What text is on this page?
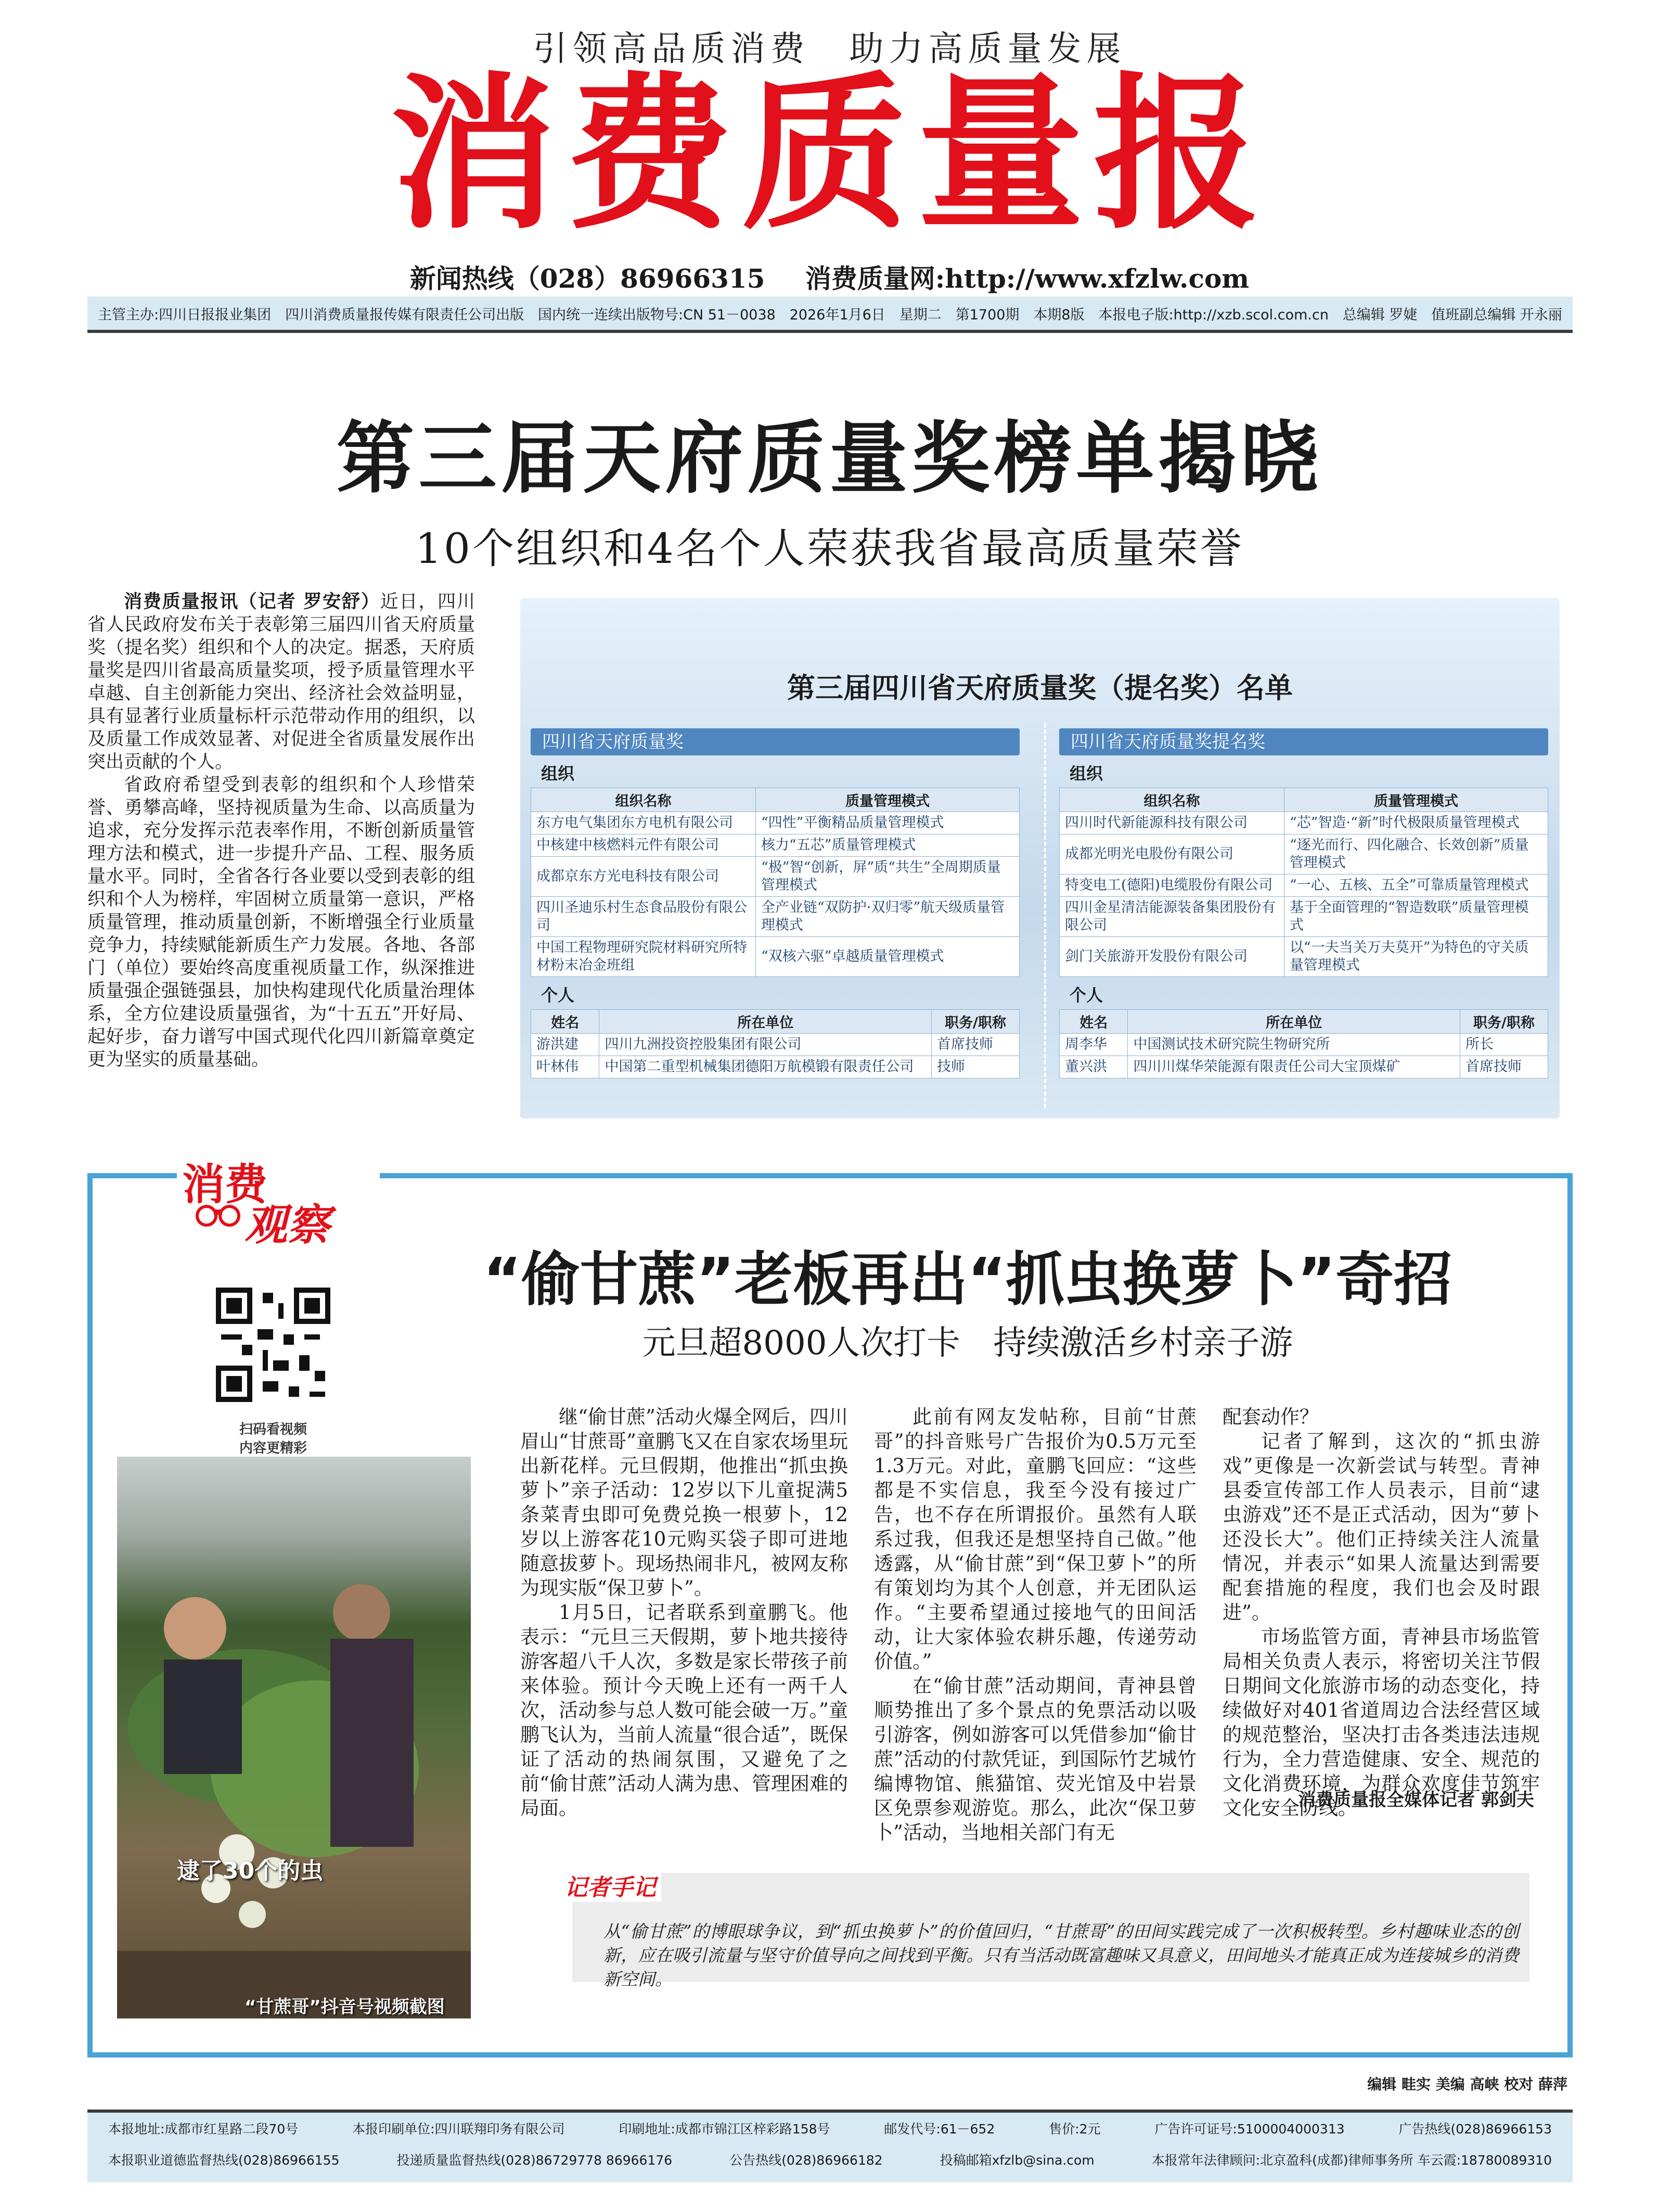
引领高品质消费　助力高质量发展
消费质量报
新闻热线（028）86966315 消费质量网:http://www.xfzlw.com
主管主办:四川日报报业集团　四川消费质量报传媒有限责任公司出版 国内统一连续出版物号:CN 51－0038 2026年1月6日　星期二 第1700期　本期8版 本报电子版:http://xzb.scol.com.cn 总编辑 罗婕 值班副总编辑 开永丽
第三届天府质量奖榜单揭晓
10个组织和4名个人荣获我省最高质量荣誉

消费质量报讯（记者 罗安舒）近日，四川省人民政府发布关于表彰第三届四川省天府质量奖（提名奖）组织和个人的决定。据悉，天府质量奖是四川省最高质量奖项，授予质量管理水平卓越、自主创新能力突出、经济社会效益明显，具有显著行业质量标杆示范带动作用的组织，以及质量工作成效显著、对促进全省质量发展作出突出贡献的个人。

省政府希望受到表彰的组织和个人珍惜荣誉、勇攀高峰，坚持视质量为生命、以高质量为追求，充分发挥示范表率作用，不断创新质量管理方法和模式，进一步提升产品、工程、服务质量水平。同时，全省各行各业要以受到表彰的组织和个人为榜样，牢固树立质量第一意识，严格质量管理，推动质量创新，不断增强全行业质量竞争力，持续赋能新质生产力发展。各地、各部门（单位）要始终高度重视质量工作，纵深推进质量强企强链强县，加快构建现代化质量治理体系，全方位建设质量强省，为“十五五”开好局、起好步，奋力谱写中国式现代化四川新篇章奠定更为坚实的质量基础。

第三届四川省天府质量奖（提名奖）名单
四川省天府质量奖
组织
组织名称	质量管理模式
东方电气集团东方电机有限公司	“四性”平衡精品质量管理模式
中核建中核燃料元件有限公司	核力“五芯”质量管理模式
成都京东方光电科技有限公司	“极”智“创新，屏”质“共生”全周期质量管理模式
四川圣迪乐村生态食品股份有限公司	全产业链“双防护·双归零”航天级质量管理模式
中国工程物理研究院材料研究所特材粉末冶金班组	“双核六驱”卓越质量管理模式
个人
姓名	所在单位	职务/职称
游洪建	四川九洲投资控股集团有限公司	首席技师
叶林伟	中国第二重型机械集团德阳万航模锻有限责任公司	技师
四川省天府质量奖提名奖
组织
组织名称	质量管理模式
四川时代新能源科技有限公司	“芯”智造·“新”时代极限质量管理模式
成都光明光电股份有限公司	“逐光而行、四化融合、长效创新”质量管理模式
特变电工(德阳)电缆股份有限公司	“一心、五核、五全”可靠质量管理模式
四川金星清洁能源装备集团股份有限公司	基于全面管理的“智造数联”质量管理模式
剑门关旅游开发股份有限公司	以“一夫当关万夫莫开”为特色的守关质量管理模式
个人
姓名	所在单位	职务/职称
周李华	中国测试技术研究院生物研究所	所长
董兴洪	四川川煤华荣能源有限责任公司大宝顶煤矿	首席技师
消费
观察
“偷甘蔗”老板再出“抓虫换萝卜”奇招
元旦超8000人次打卡　持续激活乡村亲子游
扫码看视频
内容更精彩
逮了30个的虫
“甘蔗哥”抖音号视频截图

继“偷甘蔗”活动火爆全网后，四川眉山“甘蔗哥”童鹏飞又在自家农场里玩出新花样。元旦假期，他推出“抓虫换萝卜”亲子活动：12岁以下儿童捉满5条菜青虫即可免费兑换一根萝卜，12岁以上游客花10元购买袋子即可进地随意拔萝卜。现场热闹非凡，被网友称为现实版“保卫萝卜”。

1月5日，记者联系到童鹏飞。他表示：“元旦三天假期，萝卜地共接待游客超八千人次，多数是家长带孩子前来体验。预计今天晚上还有一两千人次，活动参与总人数可能会破一万。”童鹏飞认为，当前人流量“很合适”，既保证了活动的热闹氛围，又避免了之前“偷甘蔗”活动人满为患、管理困难的局面。

此前有网友发帖称，目前“甘蔗哥”的抖音账号广告报价为0.5万元至1.3万元。对此，童鹏飞回应：“这些都是不实信息，我至今没有接过广告，也不存在所谓报价。虽然有人联系过我，但我还是想坚持自己做。”他透露，从“偷甘蔗”到“保卫萝卜”的所有策划均为其个人创意，并无团队运作。“主要希望通过接地气的田间活动，让大家体验农耕乐趣，传递劳动价值。”

在“偷甘蔗”活动期间，青神县曾顺势推出了多个景点的免票活动以吸引游客，例如游客可以凭借参加“偷甘蔗”活动的付款凭证，到国际竹艺城竹编博物馆、熊猫馆、荧光馆及中岩景区免票参观游览。那么，此次“保卫萝卜”活动，当地相关部门有无

配套动作？

记者了解到，这次的“抓虫游戏”更像是一次新尝试与转型。青神县委宣传部工作人员表示，目前“逮虫游戏”还不是正式活动，因为“萝卜还没长大”。他们正持续关注人流量情况，并表示“如果人流量达到需要配套措施的程度，我们也会及时跟进”。

市场监管方面，青神县市场监管局相关负责人表示，将密切关注节假日期间文化旅游市场的动态变化，持续做好对401省道周边合法经营区域的规范整治，坚决打击各类违法违规行为，全力营造健康、安全、规范的文化消费环境，为群众欢度佳节筑牢文化安全防线。

消费质量报全媒体记者 郭剑夫
记者手记
从“偷甘蔗”的博眼球争议，到“抓虫换萝卜”的价值回归，“甘蔗哥”的田间实践完成了一次积极转型。乡村趣味业态的创新，应在吸引流量与坚守价值导向之间找到平衡。只有当活动既富趣味又具意义，田间地头才能真正成为连接城乡的消费新空间。
编辑 畦实 美编 高峡 校对 薛萍
本报地址:成都市红星路二段70号	本报印刷单位:四川联翔印务有限公司	印刷地址:成都市锦江区梓彩路158号	邮发代号:61－652	售价:2元	广告许可证号:5100004000313	广告热线(028)86966153
本报职业道德监督热线(028)86966155	投递质量监督热线(028)86729778 86966176	公告热线(028)86966182	投稿邮箱xfzlb@sina.com	本报常年法律顾问:北京盈科(成都)律师事务所 车云霞:18780089310
